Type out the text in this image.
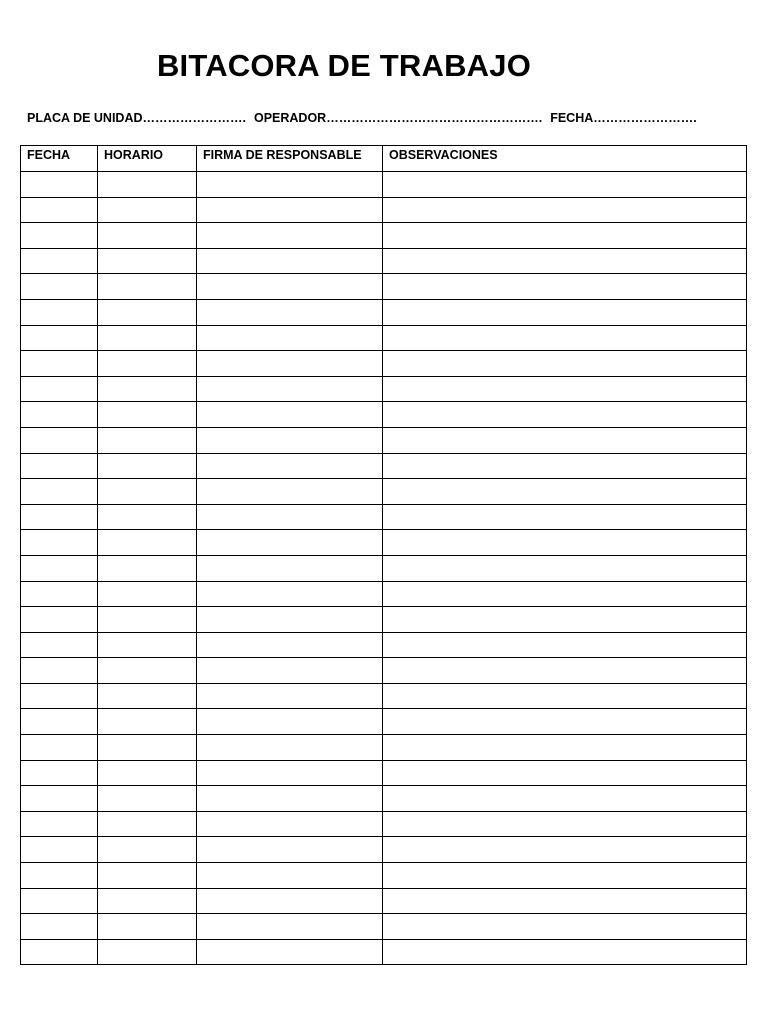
BITACORA DE TRABAJO
PLACA DE UNIDAD……………………. OPERADOR……………………………………………. FECHA…………………….
FECHA	HORARIO	FIRMA DE RESPONSABLE	OBSERVACIONES
